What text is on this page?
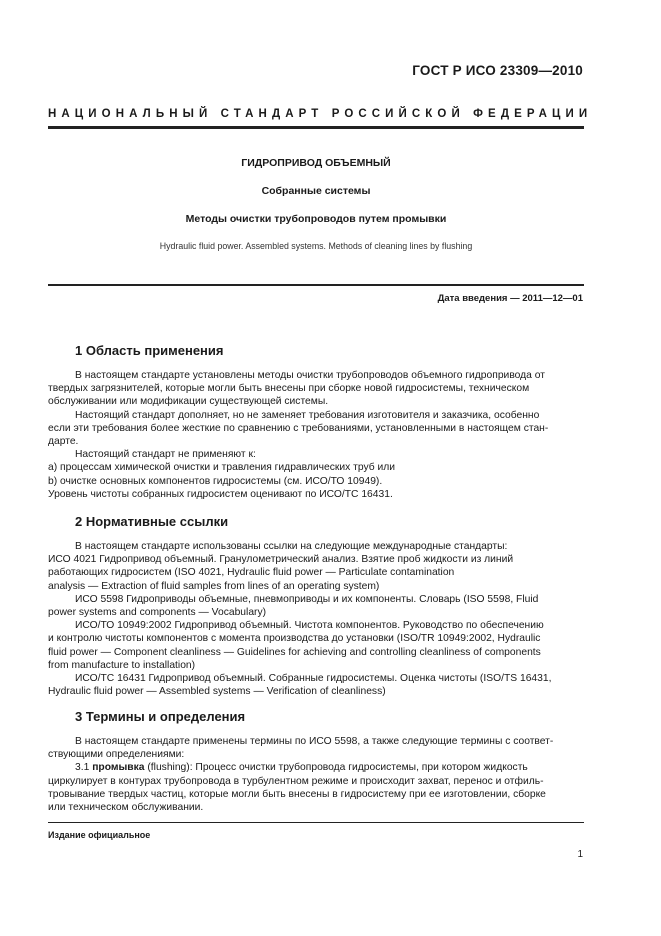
ГОСТ Р ИСО 23309—2010
НАЦИОНАЛЬНЫЙ СТАНДАРТ РОССИЙСКОЙ ФЕДЕРАЦИИ
ГИДРОПРИВОД ОБЪЕМНЫЙ
Собранные системы
Методы очистки трубопроводов путем промывки
Hydraulic fluid power. Assembled systems. Methods of cleaning lines by flushing
Дата введения — 2011—12—01
1 Область применения
В настоящем стандарте установлены методы очистки трубопроводов объемного гидропривода от
твердых загрязнителей, которые могли быть внесены при сборке новой гидросистемы, техническом
обслуживании или модификации существующей системы.
Настоящий стандарт дополняет, но не заменяет требования изготовителя и заказчика, особенно
если эти требования более жесткие по сравнению с требованиями, установленными в настоящем стан-
дарте.
Настоящий стандарт не применяют к:
а) процессам химической очистки и травления гидравлических труб или
b) очистке основных компонентов гидросистемы (см. ИСО/ТО 10949).
Уровень чистоты собранных гидросистем оценивают по ИСО/ТС 16431.
2 Нормативные ссылки
В настоящем стандарте использованы ссылки на следующие международные стандарты:
ИСО 4021 Гидропривод объемный. Гранулометрический анализ. Взятие проб жидкости из линий
работающих гидросистем (ISO 4021, Hydraulic fluid power — Particulate contamination
analysis — Extraction of fluid samples from lines of an operating system)
ИСО 5598 Гидроприводы объемные, пневмоприводы и их компоненты. Словарь (ISO 5598, Fluid
power systems and components — Vocabulary)
ИСО/ТО 10949:2002 Гидропривод объемный. Чистота компонентов. Руководство по обеспечению
и контролю чистоты компонентов с момента производства до установки (ISO/TR 10949:2002, Hydraulic
fluid power — Component cleanliness — Guidelines for achieving and controlling cleanliness of components
from manufacture to installation)
ИСО/ТС 16431 Гидропривод объемный. Собранные гидросистемы. Оценка чистоты (ISO/TS 16431,
Hydraulic fluid power — Assembled systems — Verification of cleanliness)
3 Термины и определения
В настоящем стандарте применены термины по ИСО 5598, а также следующие термины с соответ-
ствующими определениями:
3.1 промывка (flushing): Процесс очистки трубопровода гидросистемы, при котором жидкость
циркулирует в контурах трубопровода в турбулентном режиме и происходит захват, перенос и отфиль-
тровывание твердых частиц, которые могли быть внесены в гидросистему при ее изготовлении, сборке
или техническом обслуживании.
Издание официальное
1
